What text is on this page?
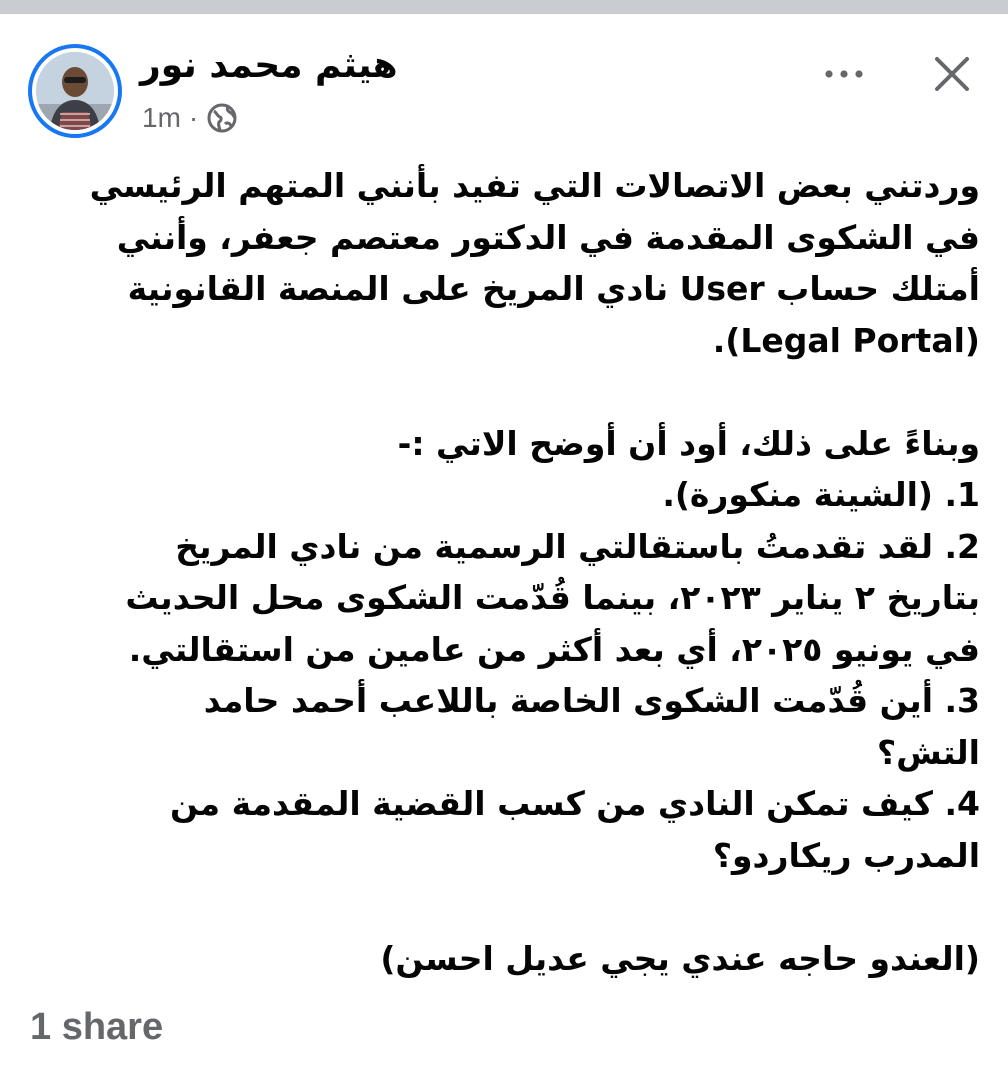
هيثم محمد نور
1m ·

وردتني بعض الاتصالات التي تفيد بأنني المتهم الرئيسي

في الشكوى المقدمة في الدكتور معتصم جعفر، وأنني

أمتلك حساب User نادي المريخ على المنصة القانونية

(Legal Portal).

وبناءً على ذلك، أود أن أوضح الاتي :-

1. (الشينة منكورة).

2. لقد تقدمتُ باستقالتي الرسمية من نادي المريخ

بتاريخ ٢ يناير ٢٠٢٣، بينما قُدّمت الشكوى محل الحديث

في يونيو ٢٠٢٥، أي بعد أكثر من عامين من استقالتي.

3. أين قُدّمت الشكوى الخاصة باللاعب أحمد حامد

التش؟

4. كيف تمكن النادي من كسب القضية المقدمة من

المدرب ريكاردو؟

(العندو حاجه عندي يجي عديل احسن)

1 share
